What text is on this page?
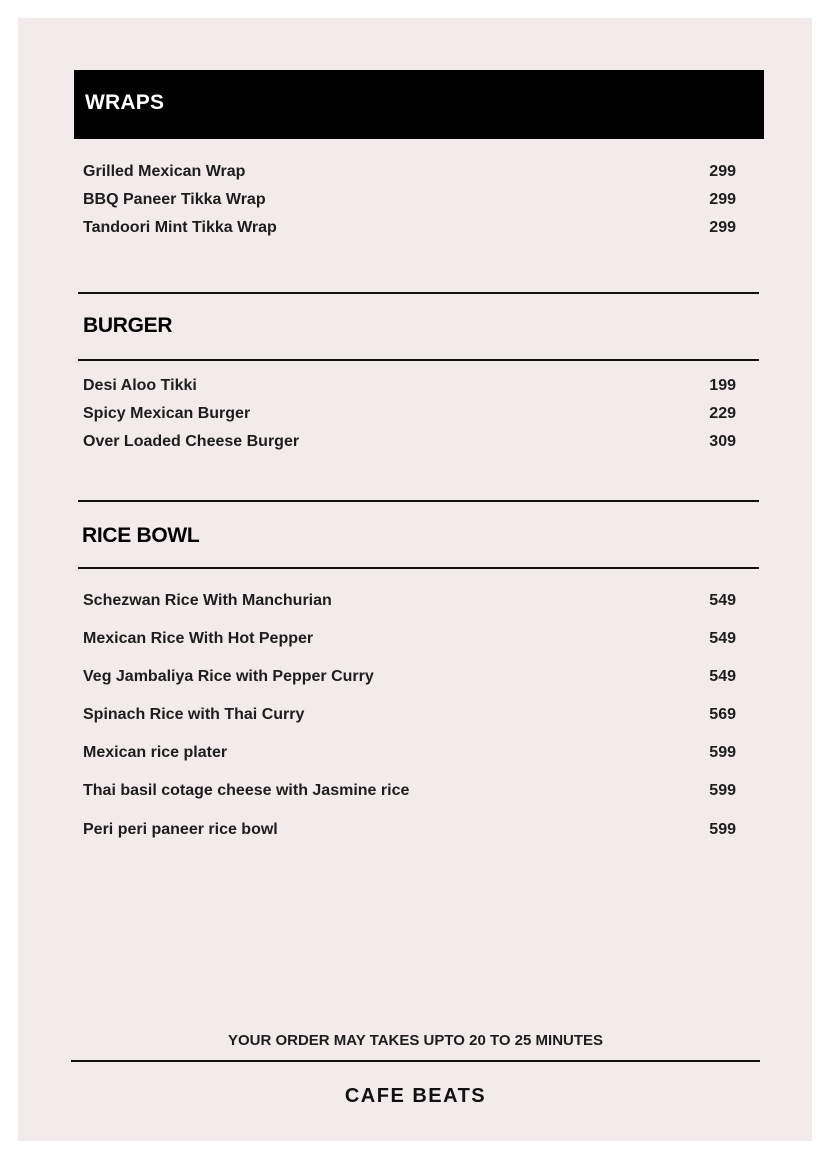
WRAPS
Grilled Mexican Wrap	299
BBQ Paneer Tikka Wrap	299
Tandoori Mint Tikka Wrap	299
BURGER
Desi Aloo Tikki	199
Spicy Mexican Burger	229
Over Loaded Cheese Burger	309
RICE BOWL
Schezwan Rice With Manchurian	549
Mexican Rice With Hot Pepper	549
Veg Jambaliya Rice with Pepper Curry	549
Spinach Rice with Thai Curry	569
Mexican rice plater	599
Thai basil cotage cheese with Jasmine rice	599
Peri peri paneer rice bowl	599
YOUR ORDER MAY TAKES UPTO 20 TO 25 MINUTES
CAFE BEATS
